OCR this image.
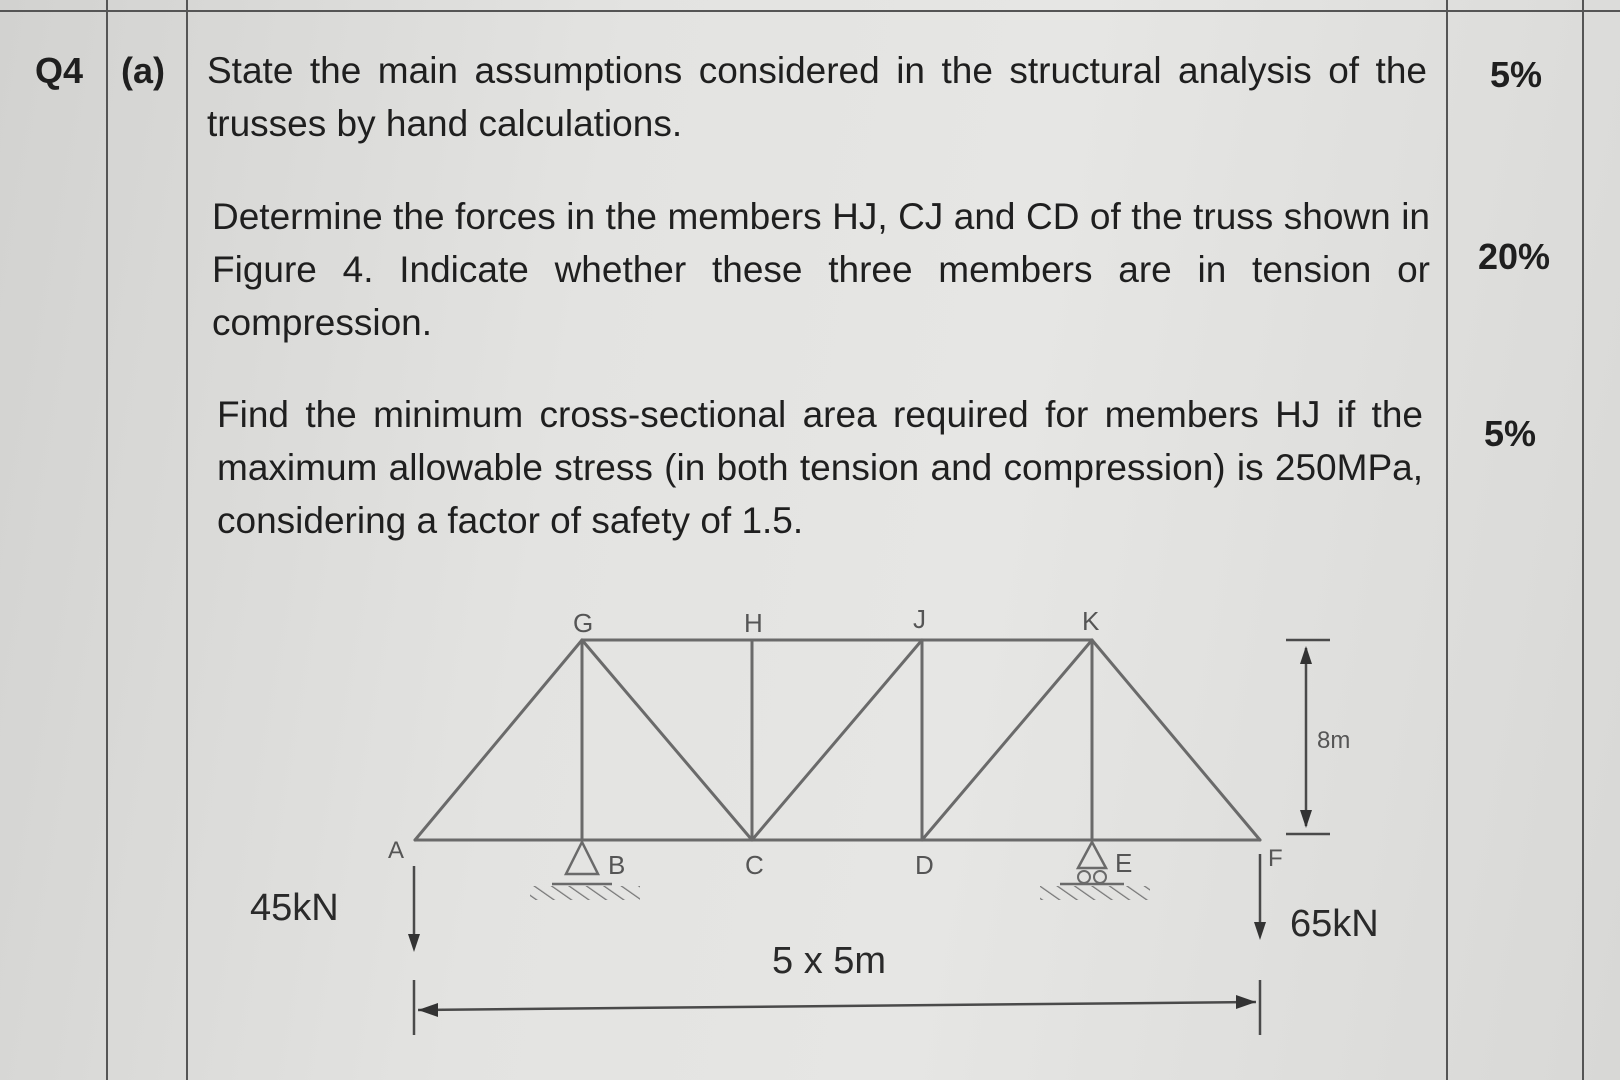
Q4 (a) State the main assumptions considered in the structural analysis of the trusses by hand calculations.
5%
Determine the forces in the members HJ, CJ and CD of the truss shown in Figure 4. Indicate whether these three members are in tension or compression.
20%
Find the minimum cross-sectional area required for members HJ if the maximum allowable stress (in both tension and compression) is 250MPa, considering a factor of safety of 1.5.
5%
G	H	J	K
A	B	C	D	E	F
45kN	65kN
8m
5 x 5m
